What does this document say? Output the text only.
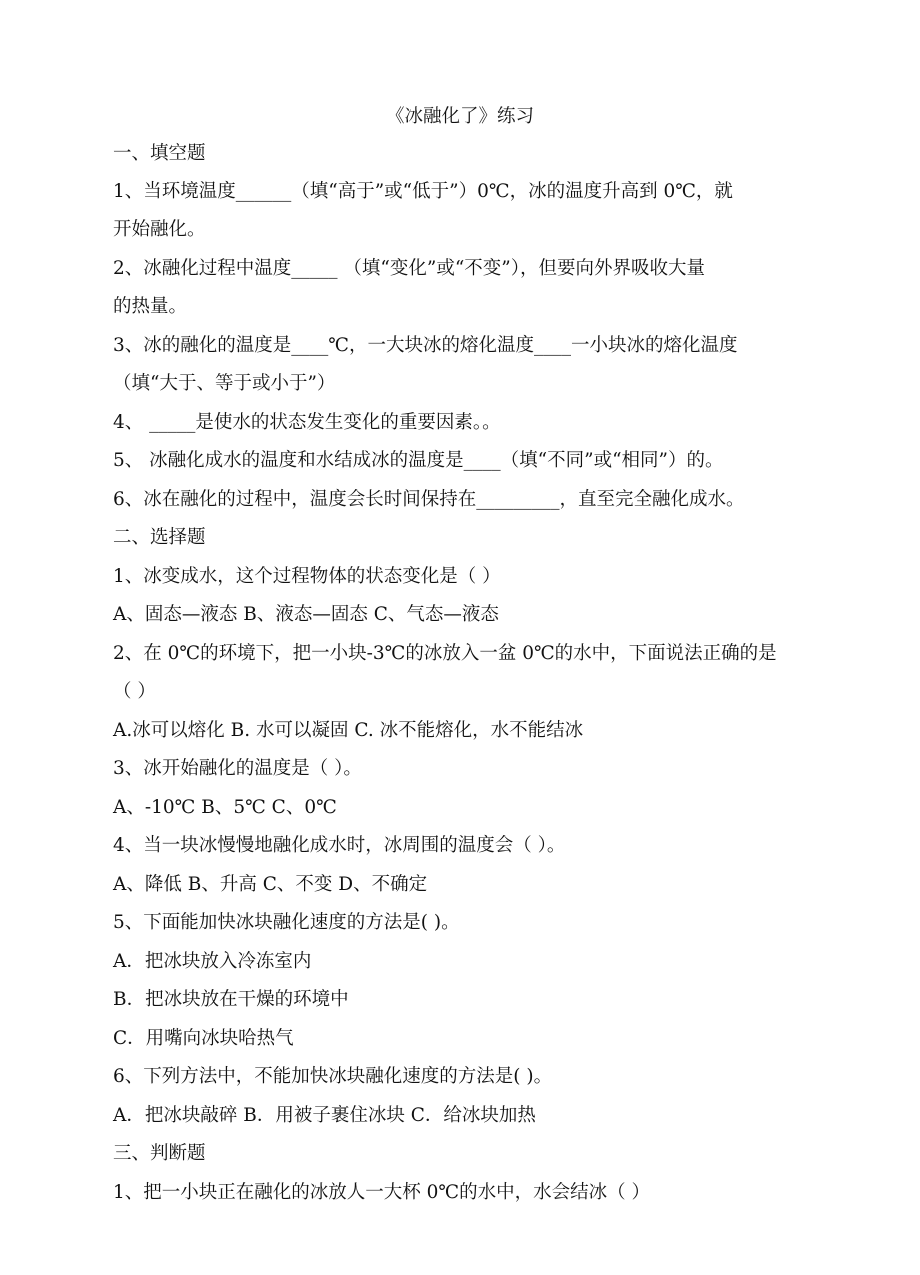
《冰融化了》练习
一、填空题
1、当环境温度______（填“高于”或“低于”）0℃，冰的温度升高到 0℃，就
开始融化。
2、冰融化过程中温度_____ （填“变化”或“不变”），但要向外界吸收大量
的热量。
3、冰的融化的温度是____℃，一大块冰的熔化温度____一小块冰的熔化温度
（填“大于、等于或小于”）
4、 _____是使水的状态发生变化的重要因素。。
5、 冰融化成水的温度和水结成冰的温度是____（填“不同”或“相同”）的。
6、冰在融化的过程中，温度会长时间保持在_________，直至完全融化成水。
二、选择题
1、冰变成水，这个过程物体的状态变化是（ ）
A、固态—液态 B、液态—固态 C、气态—液态
2、在 0℃的环境下，把一小块-3℃的冰放入一盆 0℃的水中，下面说法正确的是
（ ）
A.冰可以熔化 B. 水可以凝固 C. 冰不能熔化，水不能结冰
3、冰开始融化的温度是（ ）。
A、-10℃ B、5℃ C、0℃
4、当一块冰慢慢地融化成水时，冰周围的温度会（ ）。
A、降低 B、升高 C、不变 D、不确定
5、下面能加快冰块融化速度的方法是( )。
A．把冰块放入冷冻室内
B．把冰块放在干燥的环境中
C．用嘴向冰块哈热气
6、下列方法中，不能加快冰块融化速度的方法是( )。
A．把冰块敲碎 B．用被子裹住冰块 C．给冰块加热
三、判断题
1、把一小块正在融化的冰放人一大杯 0℃的水中，水会结冰（ ）
